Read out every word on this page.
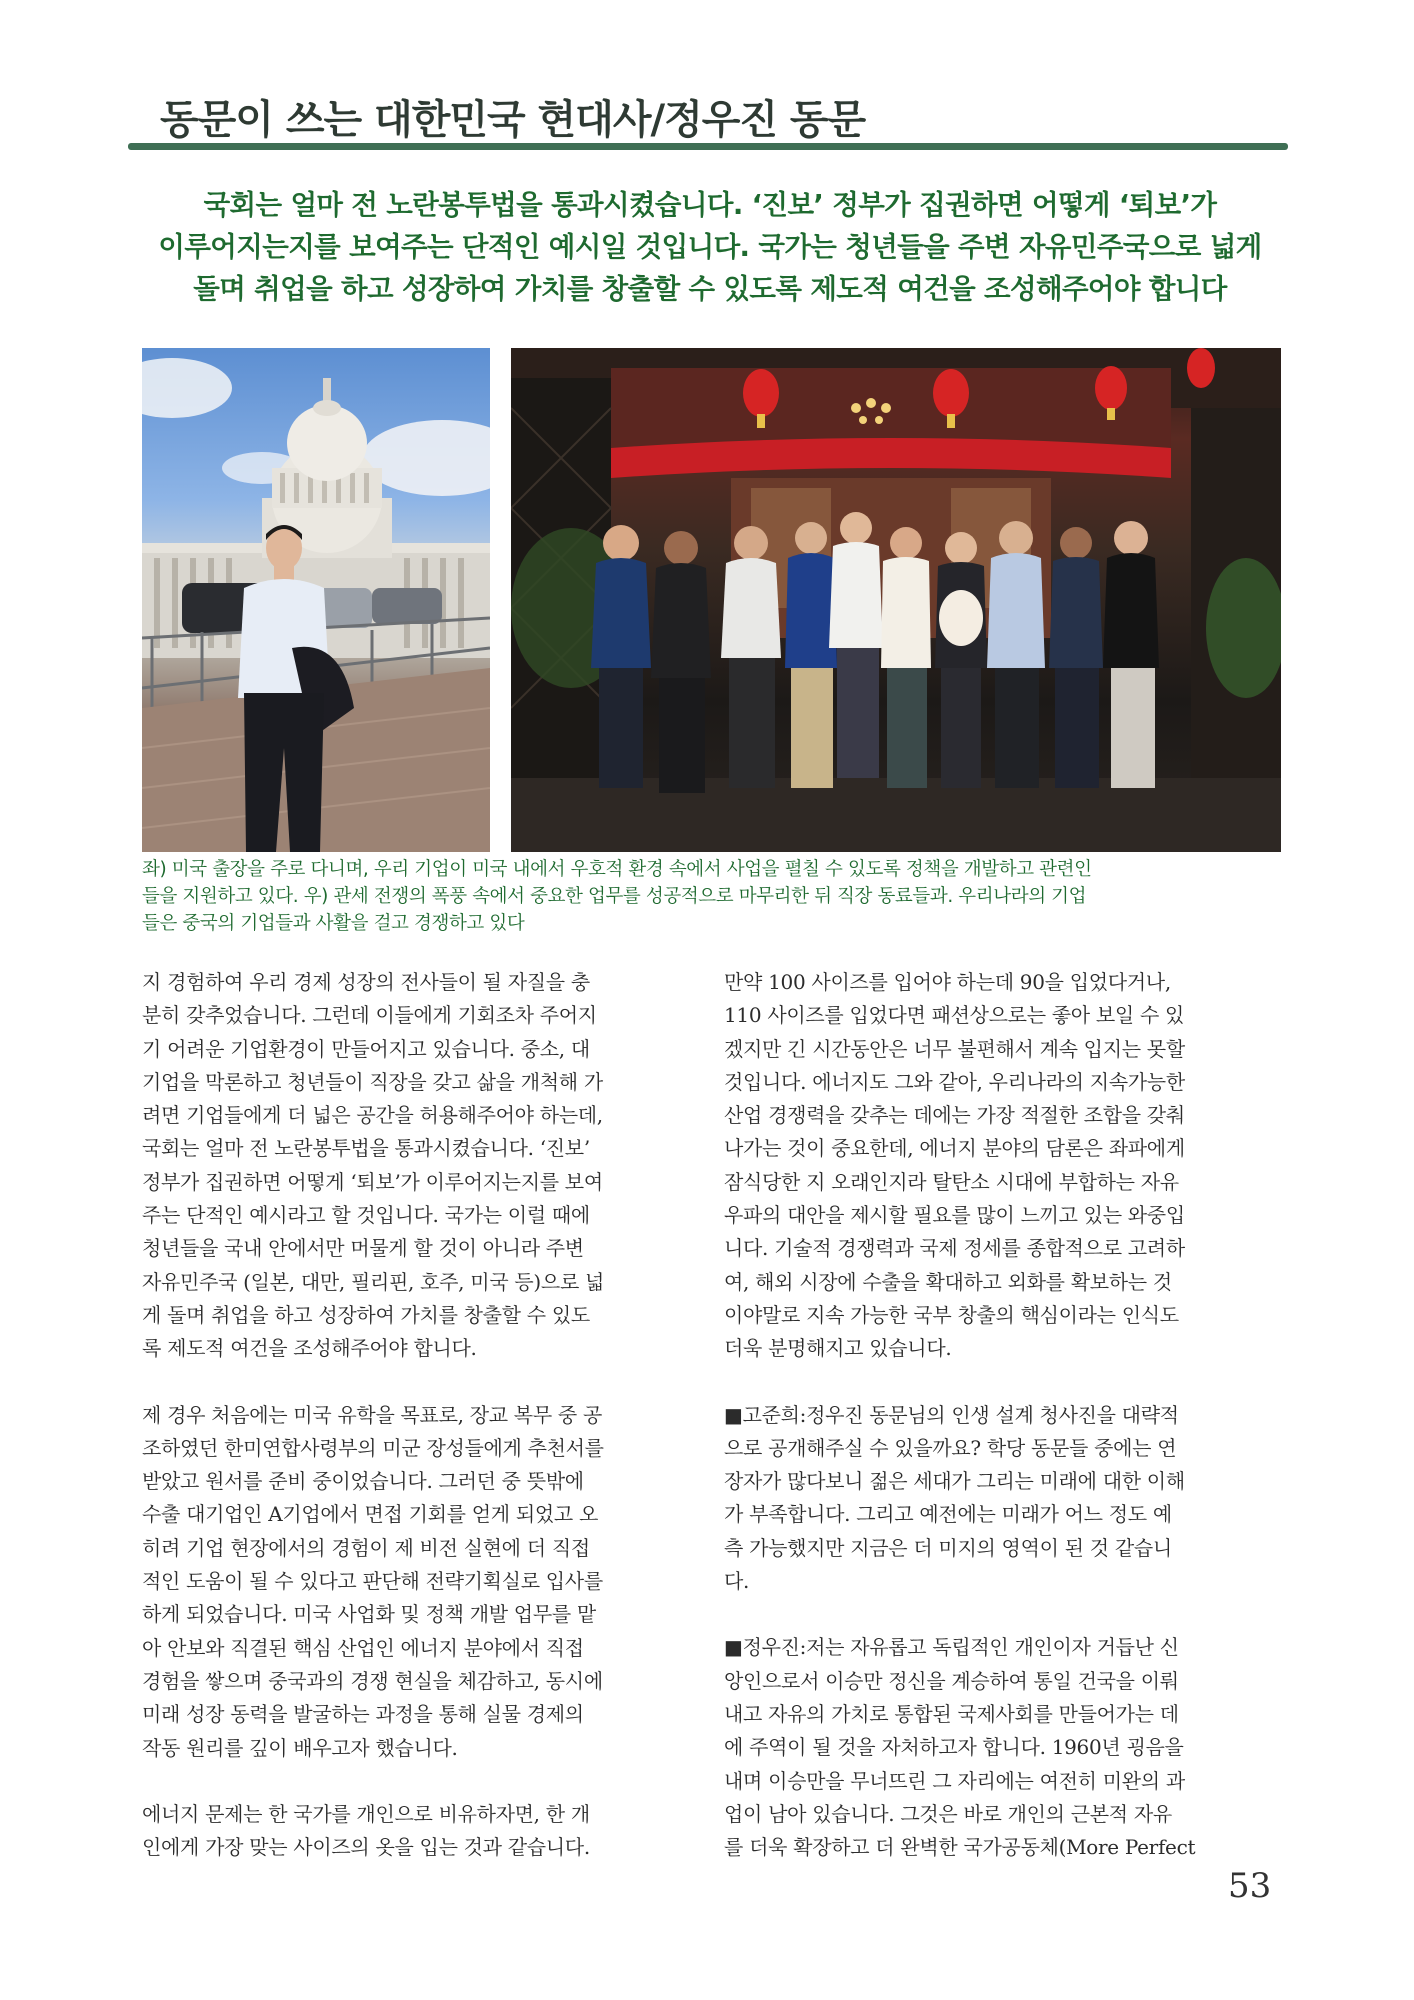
동문이 쓰는 대한민국 현대사/정우진 동문
국회는 얼마 전 노란봉투법을 통과시켰습니다. ‘진보’ 정부가 집권하면 어떻게 ‘퇴보’가
이루어지는지를 보여주는 단적인 예시일 것입니다. 국가는 청년들을 주변 자유민주국으로 넓게
돌며 취업을 하고 성장하여 가치를 창출할 수 있도록 제도적 여건을 조성해주어야 합니다
좌) 미국 출장을 주로 다니며, 우리 기업이 미국 내에서 우호적 환경 속에서 사업을 펼칠 수 있도록 정책을 개발하고 관련인
들을 지원하고 있다. 우) 관세 전쟁의 폭풍 속에서 중요한 업무를 성공적으로 마무리한 뒤 직장 동료들과. 우리나라의 기업
들은 중국의 기업들과 사활을 걸고 경쟁하고 있다

지 경험하여 우리 경제 성장의 전사들이 될 자질을 충
분히 갖추었습니다. 그런데 이들에게 기회조차 주어지
기 어려운 기업환경이 만들어지고 있습니다. 중소, 대
기업을 막론하고 청년들이 직장을 갖고 삶을 개척해 가
려면 기업들에게 더 넓은 공간을 허용해주어야 하는데,
국회는 얼마 전 노란봉투법을 통과시켰습니다. ‘진보’
정부가 집권하면 어떻게 ‘퇴보’가 이루어지는지를 보여
주는 단적인 예시라고 할 것입니다. 국가는 이럴 때에
청년들을 국내 안에서만 머물게 할 것이 아니라 주변
자유민주국 (일본, 대만, 필리핀, 호주, 미국 등)으로 넓
게 돌며 취업을 하고 성장하여 가치를 창출할 수 있도
록 제도적 여건을 조성해주어야 합니다.

제 경우 처음에는 미국 유학을 목표로, 장교 복무 중 공
조하였던 한미연합사령부의 미군 장성들에게 추천서를
받았고 원서를 준비 중이었습니다. 그러던 중 뜻밖에
수출 대기업인 A기업에서 면접 기회를 얻게 되었고 오
히려 기업 현장에서의 경험이 제 비전 실현에 더 직접
적인 도움이 될 수 있다고 판단해 전략기획실로 입사를
하게 되었습니다. 미국 사업화 및 정책 개발 업무를 맡
아 안보와 직결된 핵심 산업인 에너지 분야에서 직접
경험을 쌓으며 중국과의 경쟁 현실을 체감하고, 동시에
미래 성장 동력을 발굴하는 과정을 통해 실물 경제의
작동 원리를 깊이 배우고자 했습니다.

에너지 문제는 한 국가를 개인으로 비유하자면, 한 개
인에게 가장 맞는 사이즈의 옷을 입는 것과 같습니다.

만약 100 사이즈를 입어야 하는데 90을 입었다거나,
110 사이즈를 입었다면 패션상으로는 좋아 보일 수 있
겠지만 긴 시간동안은 너무 불편해서 계속 입지는 못할
것입니다. 에너지도 그와 같아, 우리나라의 지속가능한
산업 경쟁력을 갖추는 데에는 가장 적절한 조합을 갖춰
나가는 것이 중요한데, 에너지 분야의 담론은 좌파에게
잠식당한 지 오래인지라 탈탄소 시대에 부합하는 자유
우파의 대안을 제시할 필요를 많이 느끼고 있는 와중입
니다. 기술적 경쟁력과 국제 정세를 종합적으로 고려하
여, 해외 시장에 수출을 확대하고 외화를 확보하는 것
이야말로 지속 가능한 국부 창출의 핵심이라는 인식도
더욱 분명해지고 있습니다.

■고준희:정우진 동문님의 인생 설계 청사진을 대략적
으로 공개해주실 수 있을까요? 학당 동문들 중에는 연
장자가 많다보니 젊은 세대가 그리는 미래에 대한 이해
가 부족합니다. 그리고 예전에는 미래가 어느 정도 예
측 가능했지만 지금은 더 미지의 영역이 된 것 같습니
다.

■정우진:저는 자유롭고 독립적인 개인이자 거듭난 신
앙인으로서 이승만 정신을 계승하여 통일 건국을 이뤄
내고 자유의 가치로 통합된 국제사회를 만들어가는 데
에 주역이 될 것을 자처하고자 합니다. 1960년 굉음을
내며 이승만을 무너뜨린 그 자리에는 여전히 미완의 과
업이 남아 있습니다. 그것은 바로 개인의 근본적 자유
를 더욱 확장하고 더 완벽한 국가공동체(More Perfect

53
